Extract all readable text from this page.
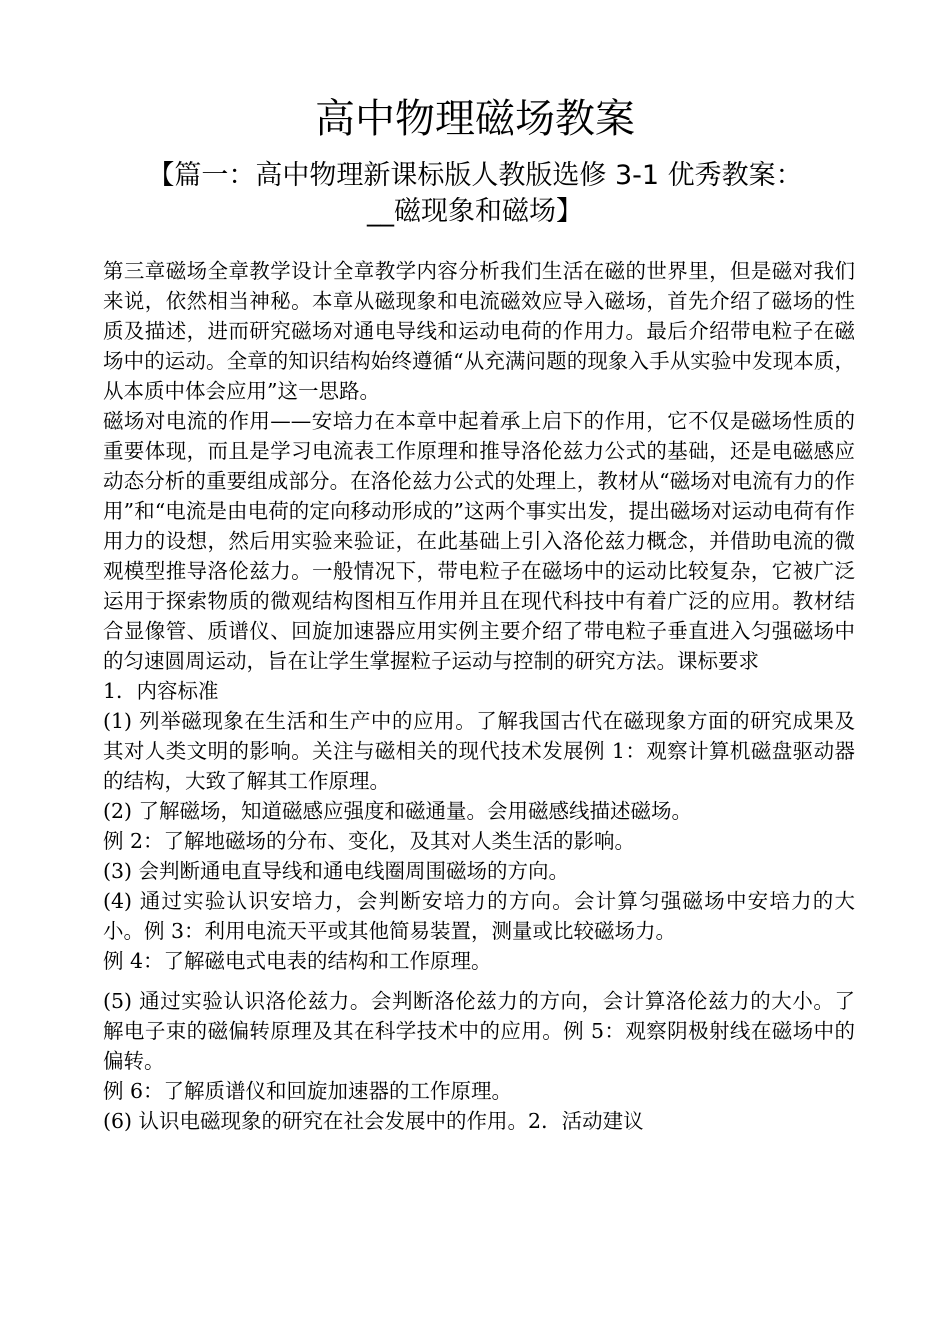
高中物理磁场教案
【篇一：高中物理新课标版人教版选修 3-1 优秀教案：
__磁现象和磁场】

第三章磁场全章教学设计全章教学内容分析我们生活在磁的世界里，但是磁对我们来说，依然相当神秘。本章从磁现象和电流磁效应导入磁场，首先介绍了磁场的性质及描述，进而研究磁场对通电导线和运动电荷的作用力。最后介绍带电粒子在磁场中的运动。全章的知识结构始终遵循“从充满问题的现象入手从实验中发现本质，从本质中体会应用”这一思路。

磁场对电流的作用——安培力在本章中起着承上启下的作用，它不仅是磁场性质的重要体现，而且是学习电流表工作原理和推导洛伦兹力公式的基础，还是电磁感应动态分析的重要组成部分。在洛伦兹力公式的处理上，教材从“磁场对电流有力的作用”和“电流是由电荷的定向移动形成的”这两个事实出发，提出磁场对运动电荷有作用力的设想，然后用实验来验证，在此基础上引入洛伦兹力概念，并借助电流的微观模型推导洛伦兹力。一般情况下，带电粒子在磁场中的运动比较复杂，它被广泛运用于探索物质的微观结构图相互作用并且在现代科技中有着广泛的应用。教材结合显像管、质谱仪、回旋加速器应用实例主要介绍了带电粒子垂直进入匀强磁场中的匀速圆周运动，旨在让学生掌握粒子运动与控制的研究方法。课标要求

1．内容标准

(1) 列举磁现象在生活和生产中的应用。了解我国古代在磁现象方面的研究成果及其对人类文明的影响。关注与磁相关的现代技术发展例 1：观察计算机磁盘驱动器的结构，大致了解其工作原理。

(2) 了解磁场，知道磁感应强度和磁通量。会用磁感线描述磁场。

例 2：了解地磁场的分布、变化，及其对人类生活的影响。

(3) 会判断通电直导线和通电线圈周围磁场的方向。

(4) 通过实验认识安培力，会判断安培力的方向。会计算匀强磁场中安培力的大小。例 3：利用电流天平或其他简易装置，测量或比较磁场力。

例 4：了解磁电式电表的结构和工作原理。

(5) 通过实验认识洛伦兹力。会判断洛伦兹力的方向，会计算洛伦兹力的大小。了解电子束的磁偏转原理及其在科学技术中的应用。例 5：观察阴极射线在磁场中的偏转。

例 6：了解质谱仪和回旋加速器的工作原理。

(6) 认识电磁现象的研究在社会发展中的作用。2．活动建议
